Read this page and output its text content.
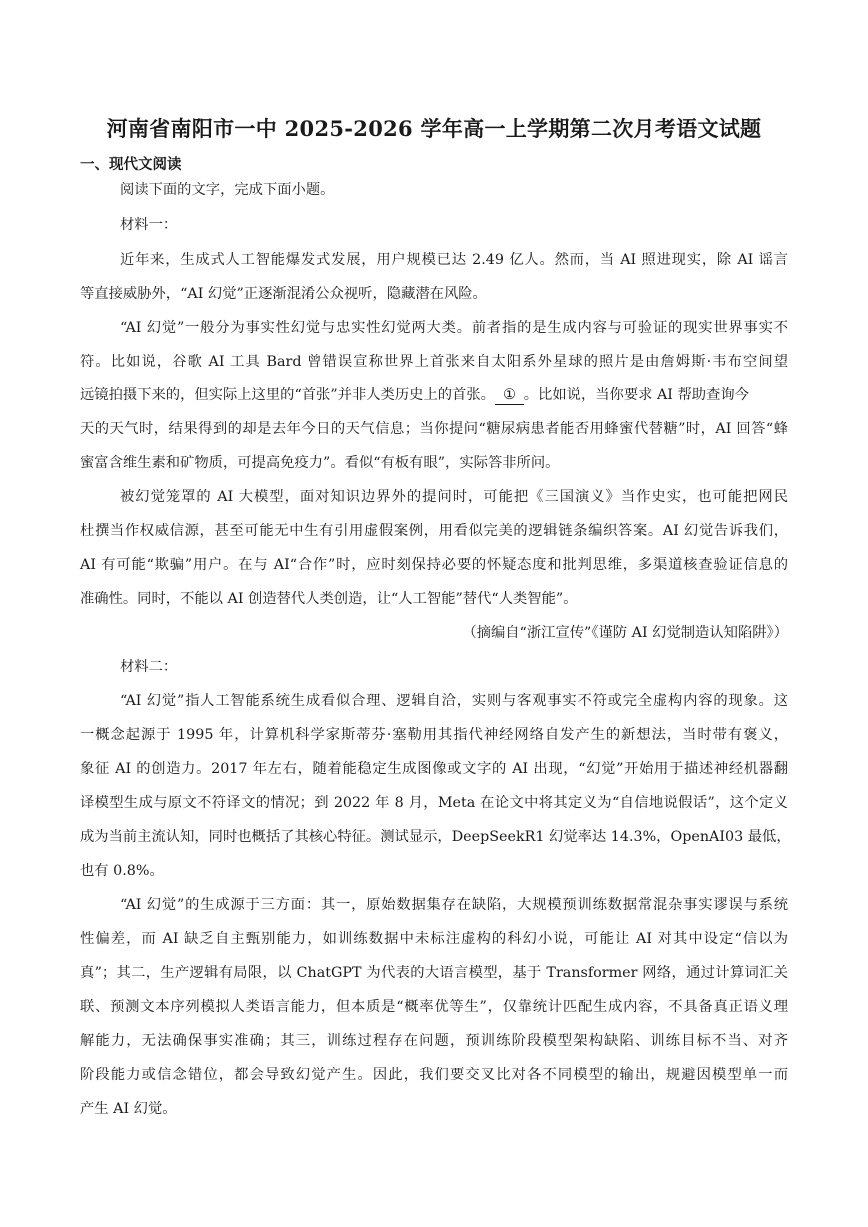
河南省南阳市一中 2025-2026 学年高一上学期第二次月考语文试题
一、现代文阅读
阅读下面的文字，完成下面小题。
材料一：
近年来，生成式人工智能爆发式发展，用户规模已达 2.49 亿人。然而，当 AI 照进现实，除 AI 谣言
等直接威胁外，“AI 幻觉”正逐渐混淆公众视听，隐藏潜在风险。
“AI 幻觉”一般分为事实性幻觉与忠实性幻觉两大类。前者指的是生成内容与可验证的现实世界事实不
符。比如说，谷歌 AI 工具 Bard 曾错误宣称世界上首张来自太阳系外星球的照片是由詹姆斯·韦布空间望
远镜拍摄下来的，但实际上这里的“首张”并非人类历史上的首张。 ① 。比如说，当你要求 AI 帮助查询今
天的天气时，结果得到的却是去年今日的天气信息；当你提问“糖尿病患者能否用蜂蜜代替糖”时，AI 回答“蜂
蜜富含维生素和矿物质，可提高免疫力”。看似“有板有眼”，实际答非所问。
被幻觉笼罩的 AI 大模型，面对知识边界外的提问时，可能把《三国演义》当作史实，也可能把网民
杜撰当作权威信源，甚至可能无中生有引用虚假案例，用看似完美的逻辑链条编织答案。AI 幻觉告诉我们，
AI 有可能“欺骗”用户。在与 AI“合作”时，应时刻保持必要的怀疑态度和批判思维，多渠道核查验证信息的
准确性。同时，不能以 AI 创造替代人类创造，让“人工智能”替代“人类智能”。
（摘编自“浙江宣传”《谨防 AI 幻觉制造认知陷阱》）
材料二：
“AI 幻觉”指人工智能系统生成看似合理、逻辑自洽，实则与客观事实不符或完全虚构内容的现象。这
一概念起源于 1995 年，计算机科学家斯蒂芬·塞勒用其指代神经网络自发产生的新想法，当时带有褒义，
象征 AI 的创造力。2017 年左右，随着能稳定生成图像或文字的 AI 出现，“幻觉”开始用于描述神经机器翻
译模型生成与原文不符译文的情况；到 2022 年 8 月，Meta 在论文中将其定义为“自信地说假话”，这个定义
成为当前主流认知，同时也概括了其核心特征。测试显示，DeepSeekR1 幻觉率达 14.3%，OpenAI03 最低，
也有 0.8%。
“AI 幻觉”的生成源于三方面：其一，原始数据集存在缺陷，大规模预训练数据常混杂事实谬误与系统
性偏差，而 AI 缺乏自主甄别能力，如训练数据中未标注虚构的科幻小说，可能让 AI 对其中设定“信以为
真”；其二，生产逻辑有局限，以 ChatGPT 为代表的大语言模型，基于 Transformer 网络，通过计算词汇关
联、预测文本序列模拟人类语言能力，但本质是“概率优等生”，仅靠统计匹配生成内容，不具备真正语义理
解能力，无法确保事实准确；其三，训练过程存在问题，预训练阶段模型架构缺陷、训练目标不当、对齐
阶段能力或信念错位，都会导致幻觉产生。因此，我们要交叉比对各不同模型的输出，规避因模型单一而
产生 AI 幻觉。
